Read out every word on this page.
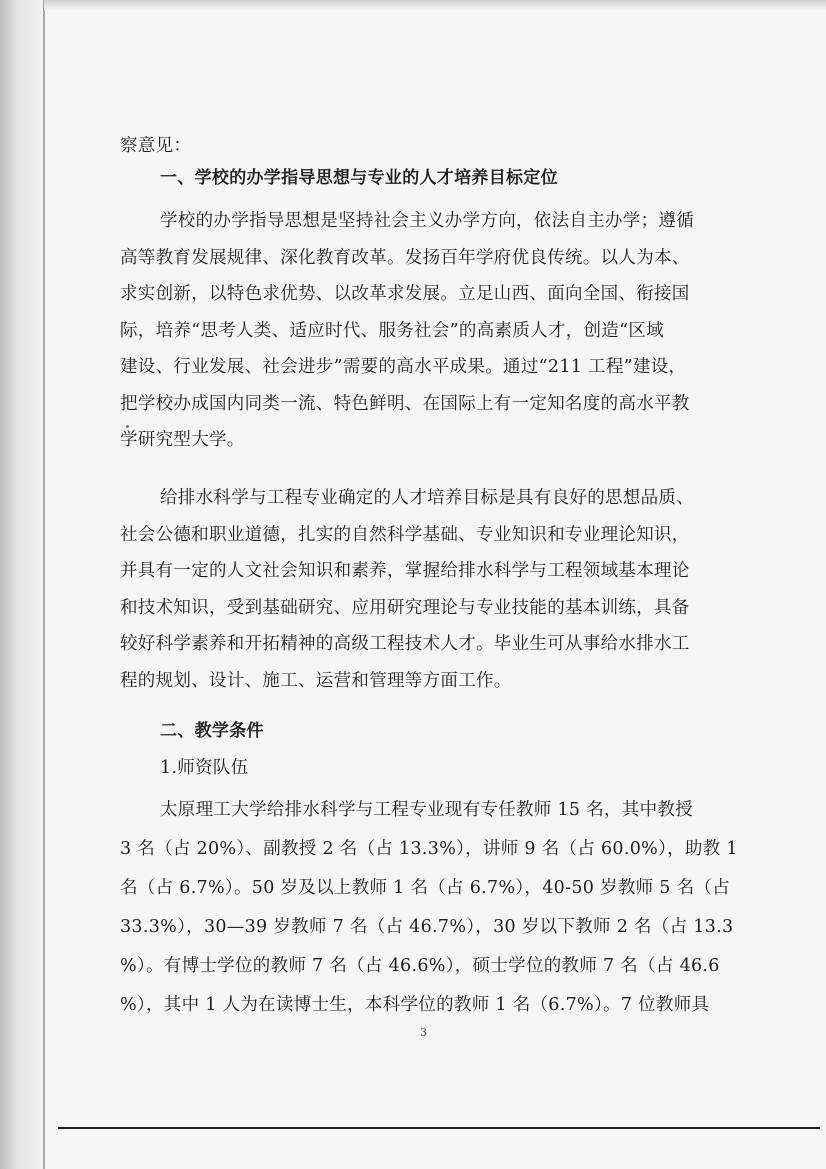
察意见：

一、学校的办学指导思想与专业的人才培养目标定位

学校的办学指导思想是坚持社会主义办学方向，依法自主办学；遵循

高等教育发展规律、深化教育改革。发扬百年学府优良传统。以人为本、

求实创新，以特色求优势、以改革求发展。立足山西、面向全国、衔接国

际，培养“思考人类、适应时代、服务社会”的高素质人才，创造“区域

建设、行业发展、社会进步”需要的高水平成果。通过“211 工程”建设，

把学校办成国内同类一流、特色鲜明、在国际上有一定知名度的高水平教

学研究型大学。

给排水科学与工程专业确定的人才培养目标是具有良好的思想品质、

社会公德和职业道德，扎实的自然科学基础、专业知识和专业理论知识，

并具有一定的人文社会知识和素养，掌握给排水科学与工程领域基本理论

和技术知识，受到基础研究、应用研究理论与专业技能的基本训练，具备

较好科学素养和开拓精神的高级工程技术人才。毕业生可从事给水排水工

程的规划、设计、施工、运营和管理等方面工作。

二、教学条件

1.师资队伍

太原理工大学给排水科学与工程专业现有专任教师 15 名，其中教授

3 名（占 20%）、副教授 2 名（占 13.3%），讲师 9 名（占 60.0%），助教 1

名（占 6.7%）。50 岁及以上教师 1 名（占 6.7%），40-50 岁教师 5 名（占

33.3%），30—39 岁教师 7 名（占 46.7%），30 岁以下教师 2 名（占 13.3

%）。有博士学位的教师 7 名（占 46.6%），硕士学位的教师 7 名（占 46.6

%），其中 1 人为在读博士生，本科学位的教师 1 名（6.7%）。7 位教师具

3
